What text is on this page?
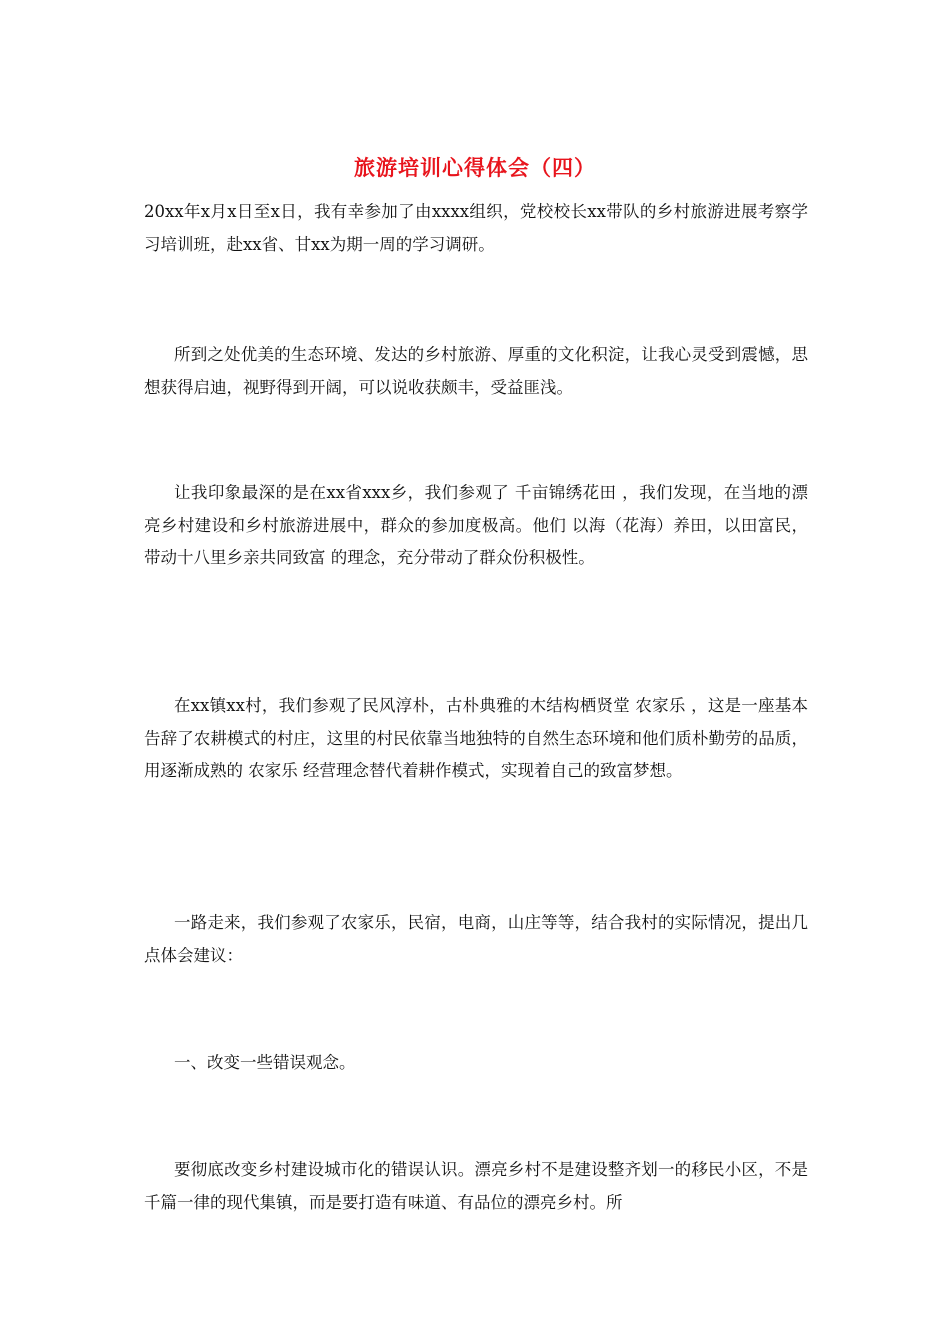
旅游培训心得体会（四）

20xx年x月x日至x日，我有幸参加了由xxxx组织，党校校长xx带队的乡村旅游进展考察学习培训班，赴xx省、甘xx为期一周的学习调研。

所到之处优美的生态环境、发达的乡村旅游、厚重的文化积淀，让我心灵受到震憾，思想获得启迪，视野得到开阔，可以说收获颇丰，受益匪浅。

让我印象最深的是在xx省xxx乡，我们参观了 千亩锦绣花田 ，我们发现，在当地的漂亮乡村建设和乡村旅游进展中，群众的参加度极高。他们 以海（花海）养田，以田富民，带动十八里乡亲共同致富 的理念，充分带动了群众份积极性。

在xx镇xx村，我们参观了民风淳朴，古朴典雅的木结构栖贤堂 农家乐 ，这是一座基本告辞了农耕模式的村庄，这里的村民依靠当地独特的自然生态环境和他们质朴勤劳的品质，用逐渐成熟的 农家乐 经营理念替代着耕作模式，实现着自己的致富梦想。

一路走来，我们参观了农家乐，民宿，电商，山庄等等，结合我村的实际情况，提出几点体会建议：

一、改变一些错误观念。

要彻底改变乡村建设城市化的错误认识。漂亮乡村不是建设整齐划一的移民小区，不是千篇一律的现代集镇，而是要打造有味道、有品位的漂亮乡村。所
